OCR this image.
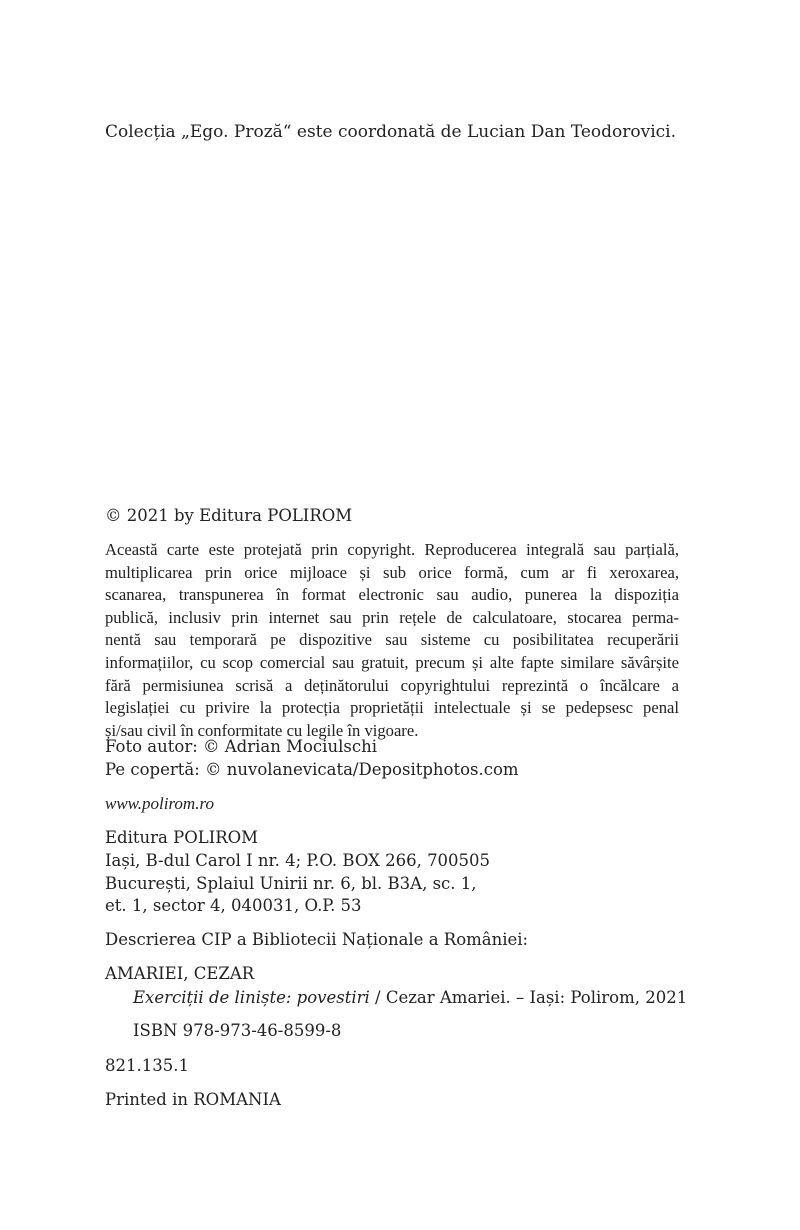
Colecția „Ego. Proză“ este coordonată de Lucian Dan Teodorovici.
© 2021 by Editura POLIROM
Această carte este protejată prin copyright. Reproducerea integrală sau parțială,
multiplicarea prin orice mijloace și sub orice formă, cum ar fi xeroxarea,
scanarea, transpunerea în format electronic sau audio, punerea la dispoziția
publică, inclusiv prin internet sau prin rețele de calculatoare, stocarea perma-
nentă sau temporară pe dispozitive sau sisteme cu posibilitatea recuperării
informațiilor, cu scop comercial sau gratuit, precum și alte fapte similare săvârșite
fără permisiunea scrisă a deținătorului copyrightului reprezintă o încălcare a
legislației cu privire la protecția proprietății intelectuale și se pedepsesc penal
și/sau civil în conformitate cu legile în vigoare.
Foto autor: © Adrian Mociulschi
Pe copertă: © nuvolanevicata/Depositphotos.com
www.polirom.ro
Editura POLIROM
Iași, B-dul Carol I nr. 4; P.O. BOX 266, 700505
București, Splaiul Unirii nr. 6, bl. B3A, sc. 1,
et. 1, sector 4, 040031, O.P. 53
Descrierea CIP a Bibliotecii Naționale a României:
AMARIEI, CEZAR
Exerciții de liniște: povestiri / Cezar Amariei. – Iași: Polirom, 2021
ISBN 978-973-46-8599-8
821.135.1
Printed in ROMANIA
